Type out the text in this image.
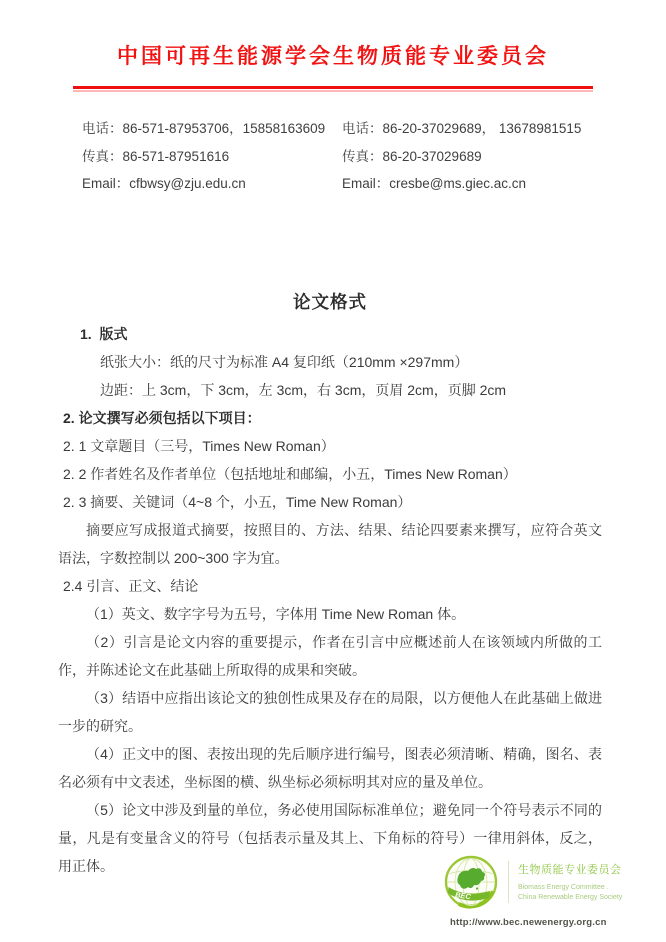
中国可再生能源学会生物质能专业委员会
电话：86-571-87953706，15858163609
传真：86-571-87951616
Email：cfbwsy@zju.edu.cn
电话：86-20-37029689， 13678981515
传真：86-20-37029689
Email：cresbe@ms.giec.ac.cn
论文格式

1.  版式

纸张大小：纸的尺寸为标准 A4 复印纸（210mm ×297mm）

边距：上 3cm，下 3cm，左 3cm，右 3cm，页眉 2cm，页脚 2cm

2. 论文撰写必须包括以下项目：

2. 1 文章题目（三号，Times New Roman）

2. 2 作者姓名及作者单位（包括地址和邮编，小五，Times New Roman）

2. 3 摘要、关键词（4~8 个，小五，Time New Roman）

摘要应写成报道式摘要，按照目的、方法、结果、结论四要素来撰写，应符合英文语法，字数控制以 200~300 字为宜。

2.4 引言、正文、结论

（1）英文、数字字号为五号，字体用 Time New Roman 体。

（2）引言是论文内容的重要提示，作者在引言中应概述前人在该领域内所做的工作，并陈述论文在此基础上所取得的成果和突破。

（3）结语中应指出该论文的独创性成果及存在的局限，以方便他人在此基础上做进一步的研究。

（4）正文中的图、表按出现的先后顺序进行编号，图表必须清晰、精确，图名、表名必须有中文表述，坐标图的横、纵坐标必须标明其对应的量及单位。

（5）论文中涉及到量的单位，务必使用国际标准单位；避免同一个符号表示不同的量，凡是有变量含义的符号（包括表示量及其上、下角标的符号）一律用斜体，反之，用正体。

BEC
生物质能专业委员会
Biomass Energy Committee .
China Renewable Energy Society
http://www.bec.newenergy.org.cn
